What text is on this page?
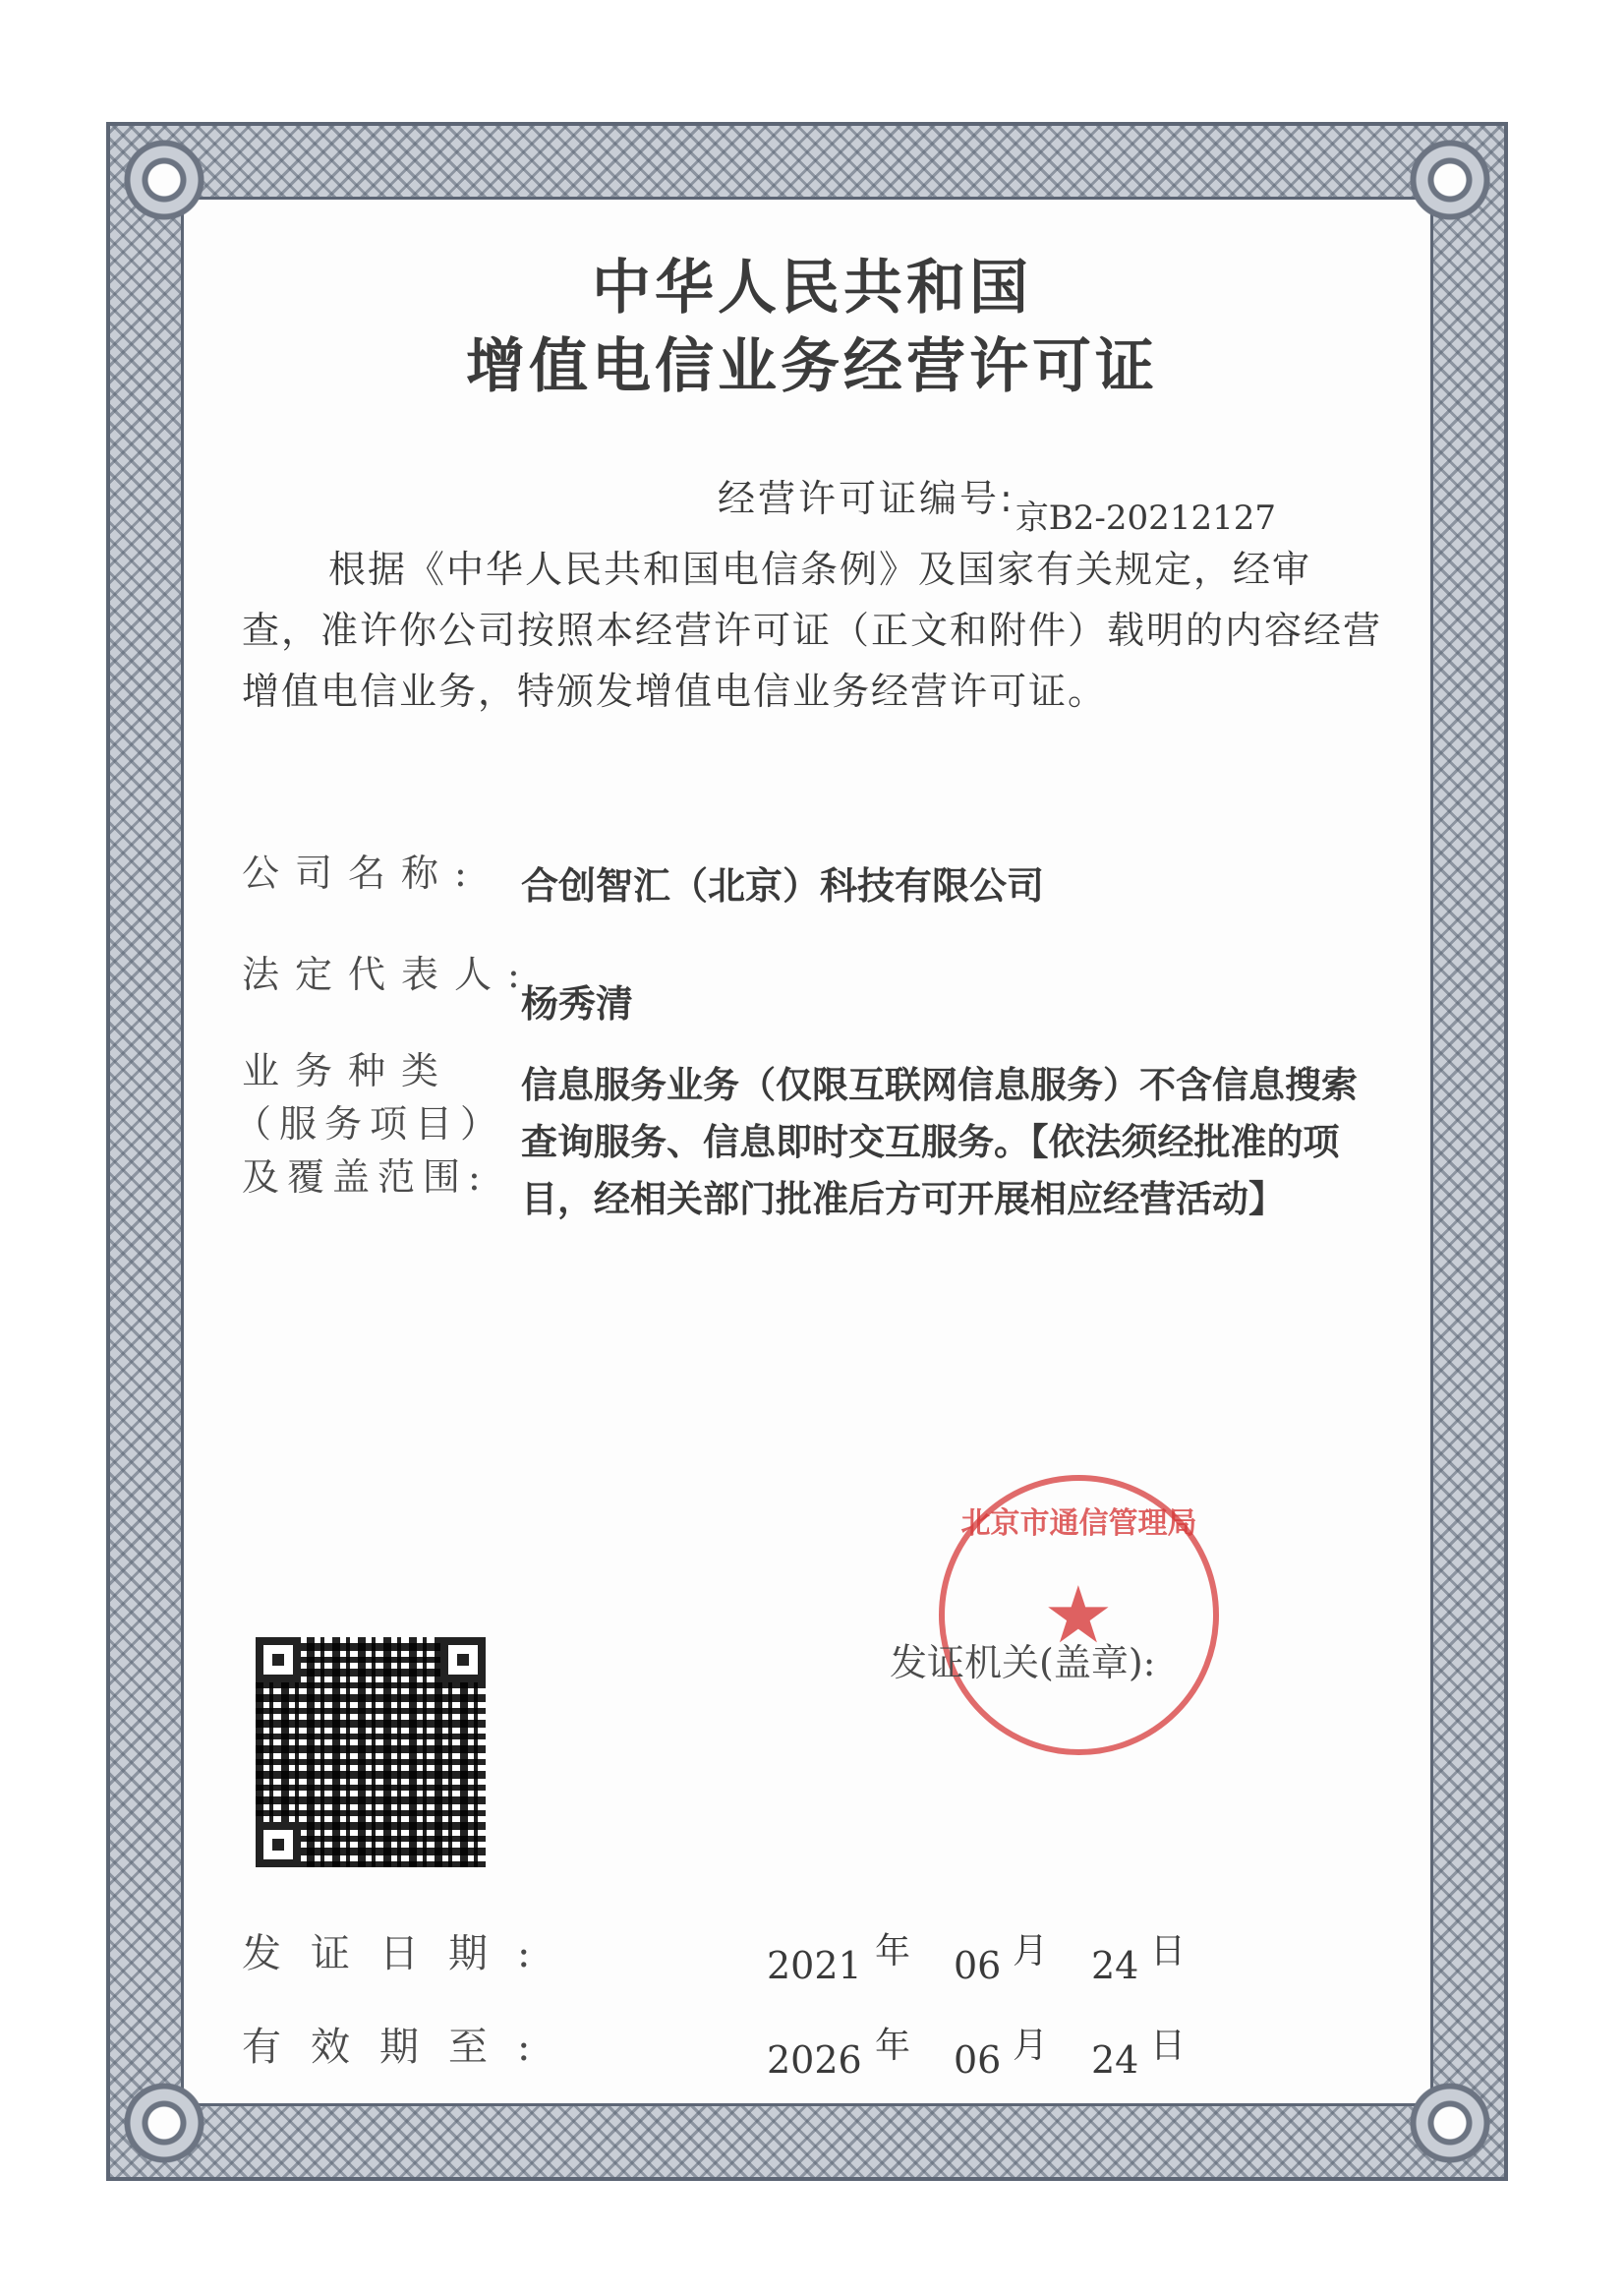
中华人民共和国
增值电信业务经营许可证
经营许可证编号:京B2-20212127
根据《中华人民共和国电信条例》及国家有关规定，经审查，准许你公司按照本经营许可证（正文和附件）载明的内容经营增值电信业务，特颁发增值电信业务经营许可证。
公司名称: 合创智汇（北京）科技有限公司
法定代表人:
杨秀清
业务种类
（服务项目）
及覆盖范围:
信息服务业务（仅限互联网信息服务）不含信息搜索查询服务、信息即时交互服务。【依法须经批准的项目，经相关部门批准后方可开展相应经营活动】
北京市通信管理局
★
发证机关(盖章):
发证日期:	2021 年 06 月 24 日
有效期至:	2026 年 06 月 24 日
